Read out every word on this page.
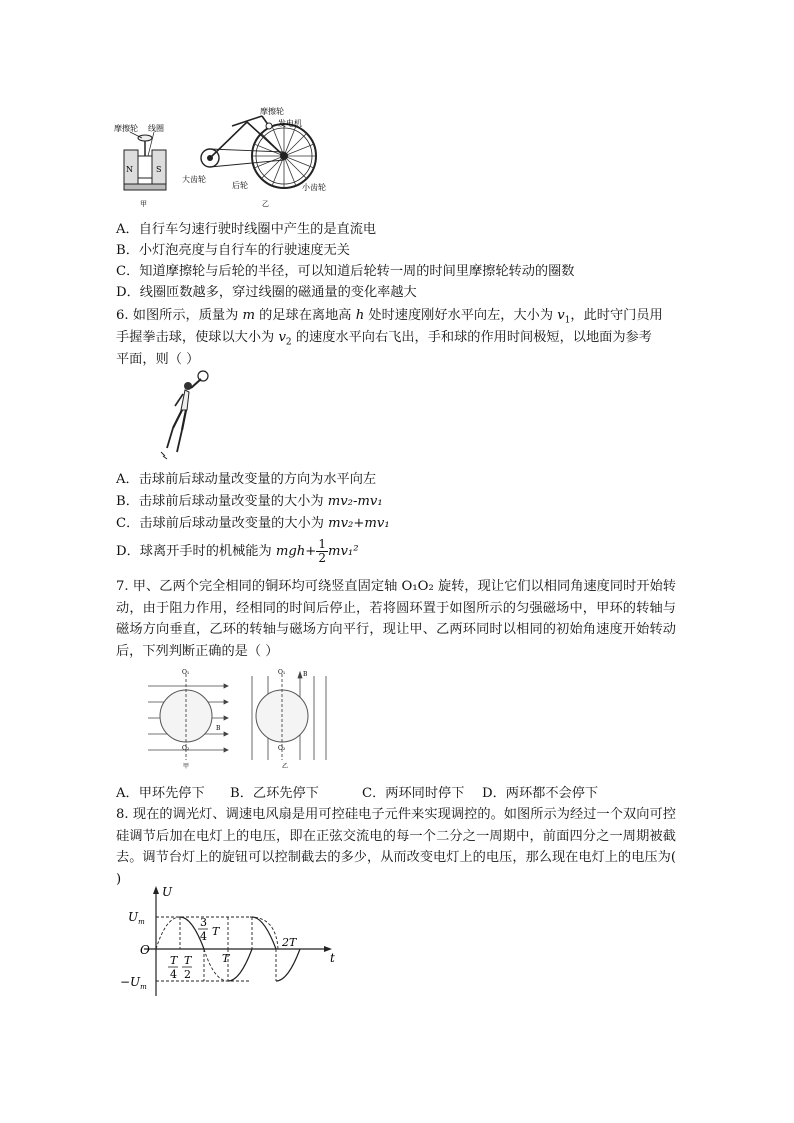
N	S
摩擦轮 线圈
甲
摩擦轮
发电机
大齿轮
后轮	小齿轮
乙
A．自行车匀速行驶时线圈中产生的是直流电
B．小灯泡亮度与自行车的行驶速度无关
C．知道摩擦轮与后轮的半径，可以知道后轮转一周的时间里摩擦轮转动的圈数
D．线圈匝数越多，穿过线圈的磁通量的变化率越大
6. 如图所示，质量为 m 的足球在离地高 h 处时速度刚好水平向左，大小为 $v_1$，此时守门员用
手握拳击球，使球以大小为 $v_2$ 的速度水平向右飞出，手和球的作用时间极短，以地面为参考
平面，则（ ）
A．击球前后球动量改变量的方向为水平向左
B．击球前后球动量改变量的大小为 mv₂-mv₁
C．击球前后球动量改变量的大小为 mv₂+mv₁
D．球离开手时的机械能为 $mgh+ \frac{1}{2} mv_1^2$
7. 甲、乙两个完全相同的铜环均可绕竖直固定轴 O₁O₂ 旋转，现让它们以相同角速度同时开始转动，由于阻力作用，经相同的时间后停止，若将圆环置于如图所示的匀强磁场中，甲环的转轴与磁场方向垂直，乙环的转轴与磁场方向平行，现让甲、乙两环同时以相同的初始角速度开始转动后，下列判断正确的是（ ）
O₁
O₂
B
甲
O₁
O₂
B
乙
A．甲环先停下 B．乙环先停下	C．两环同时停下 D．两环都不会停下
8. 现在的调光灯、调速电风扇是用可控硅电子元件来实现调控的。如图所示为经过一个双向可控硅调节后加在电灯上的电压，即在正弦交流电的每一个二分之一周期中，前面四分之一周期被截去。调节台灯上的旋钮可以控制截去的多少，从而改变电灯上的电压，那么现在电灯上的电压为( )
U
t
O
$U_m$
$-U_m$
T
4
T
2
3
4 T
T
2T
